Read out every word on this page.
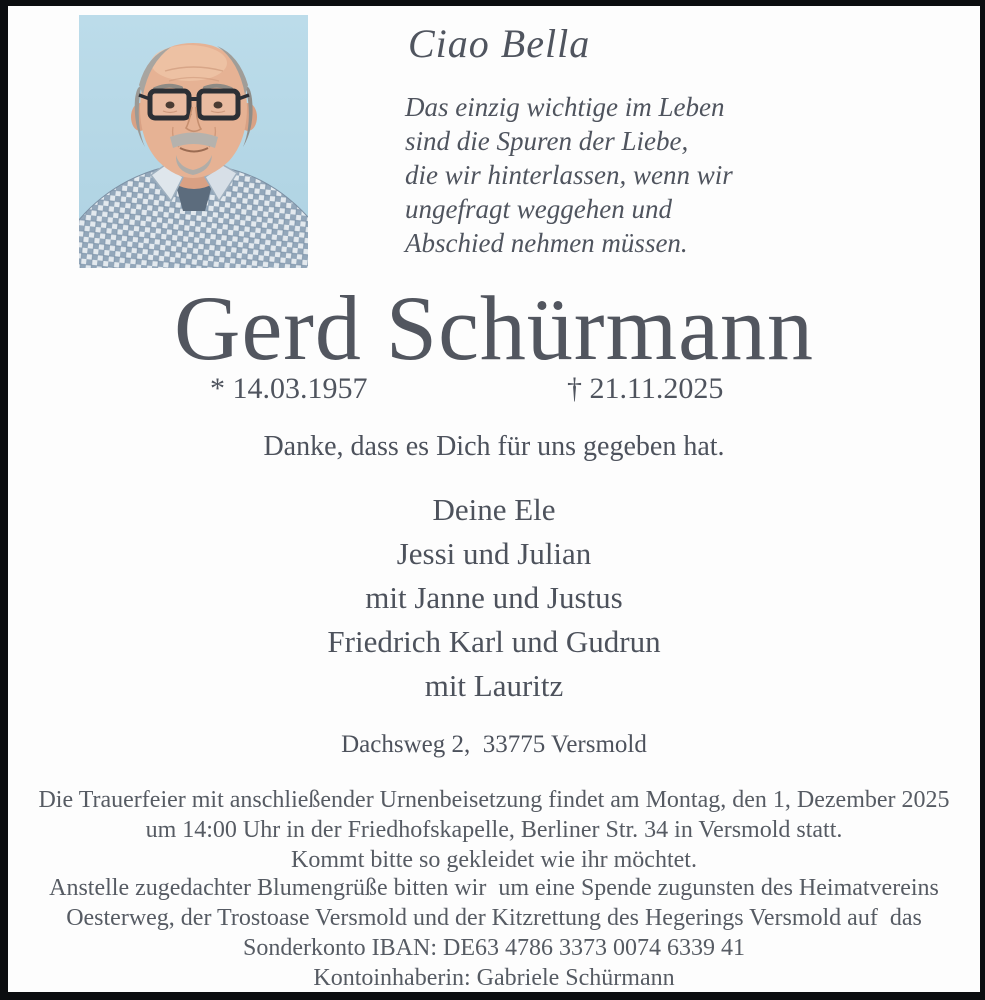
Ciao Bella
Das einzig wichtige im Leben
sind die Spuren der Liebe,
die wir hinterlassen, wenn wir
ungefragt weggehen und
Abschied nehmen müssen.
Gerd Schürmann
* 14.03.1957	† 21.11.2025
Danke, dass es Dich für uns gegeben hat.
Deine Ele
Jessi und Julian
mit Janne und Justus
Friedrich Karl und Gudrun
mit Lauritz
Dachsweg 2,  33775 Versmold
Die Trauerfeier mit anschließender Urnenbeisetzung findet am Montag, den 1, Dezember 2025
um 14:00 Uhr in der Friedhofskapelle, Berliner Str. 34 in Versmold statt.
Kommt bitte so gekleidet wie ihr möchtet.
Anstelle zugedachter Blumengrüße bitten wir  um eine Spende zugunsten des Heimatvereins
Oesterweg, der Trostoase Versmold und der Kitzrettung des Hegerings Versmold auf  das
Sonderkonto IBAN: DE63 4786 3373 0074 6339 41
Kontoinhaberin: Gabriele Schürmann
